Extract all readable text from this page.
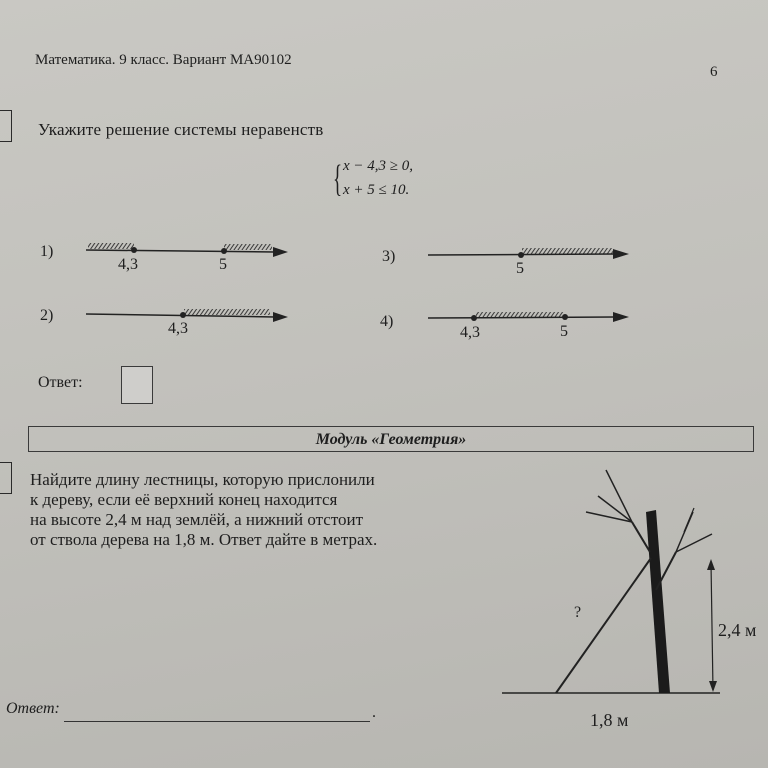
Математика. 9 класс. Вариант МА90102
6
Укажите решение системы неравенств
{ x − 4,3 ≥ 0,
x + 5 ≤ 10.
1)
2)
3)
4)
4,3	5
4,3
5
4,3	5
Ответ:
Модуль «Геометрия»
Найдите длину лестницы, которую прислонили
к дереву, если её верхний конец находится
на высоте 2,4 м над землёй, а нижний отстоит
от ствола дерева на 1,8 м. Ответ дайте в метрах.
?
2,4 м
1,8 м
Ответ:	.
